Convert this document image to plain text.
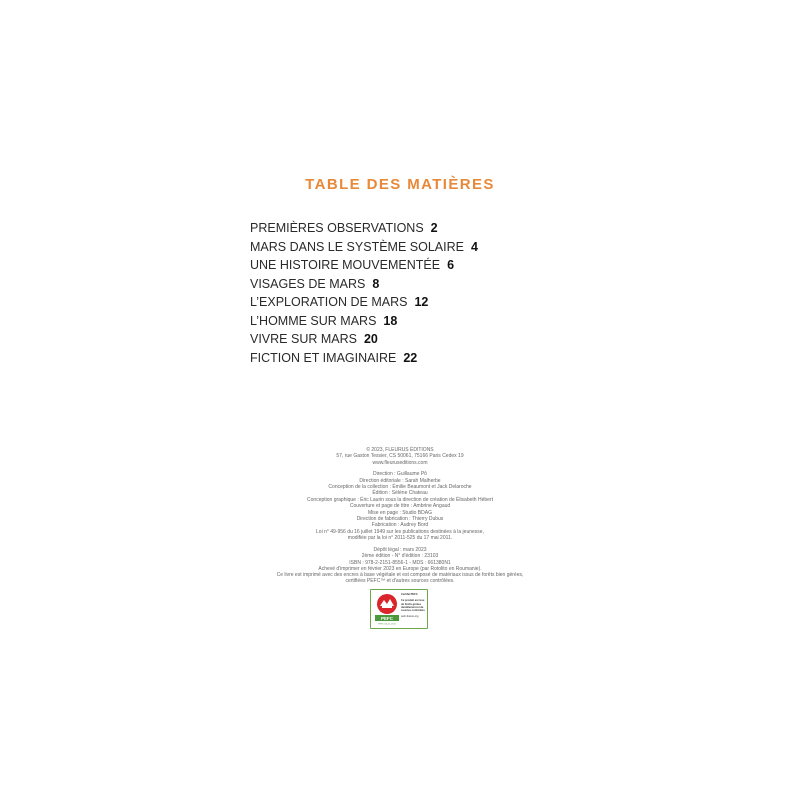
TABLE DES MATIÈRES
PREMIÈRES OBSERVATIONS 2
MARS DANS LE SYSTÈME SOLAIRE 4
UNE HISTOIRE MOUVEMENTÉE 6
VISAGES DE MARS 8
L’EXPLORATION DE MARS 12
L’HOMME SUR MARS 18
VIVRE SUR MARS 20
FICTION ET IMAGINAIRE 22
© 2023, FLEURUS ÉDITIONS
57, rue Gaston Tessier, CS 50061, 75166 Paris Cedex 19
www.fleuruseditions.com
Direction : Guillaume Pô
Direction éditoriale : Sarah Malherbe
Conception de la collection : Émilie Beaumont et Jack Delaroche
Édition : Sélène Chateau
Conception graphique : Éric Laurin sous la direction de création de Élisabeth Hébert
Couverture et page de titre : Ambrine Angaud
Mise en page : Studio BDAG
Direction de fabrication : Thierry Dubus
Fabrication : Audrey Bord
Loi n° 49-956 du 16 juillet 1949 sur les publications destinées à la jeunesse,
modifiée par la loi n° 2011-525 du 17 mai 2011.
Dépôt légal : mars 2023
2ème édition - N° d'édition : 23103
ISBN : 978-2-2151-8556-1 - MDS : 661380N1
Achevé d'imprimer en février 2023 en Europe (par Rotolito en Roumanie).
Ce livre est imprimé avec des encres à base végétale et est composé de matériaux issus de forêts bien gérées,
certifiées PEFC™ et d'autres sources contrôlées.
PEFC
PEFC/10-31-1510
Certifié PEFC
Ce produit est issu
de forêts gérées
durablement et de
sources contrôlées
pefc-france.org
